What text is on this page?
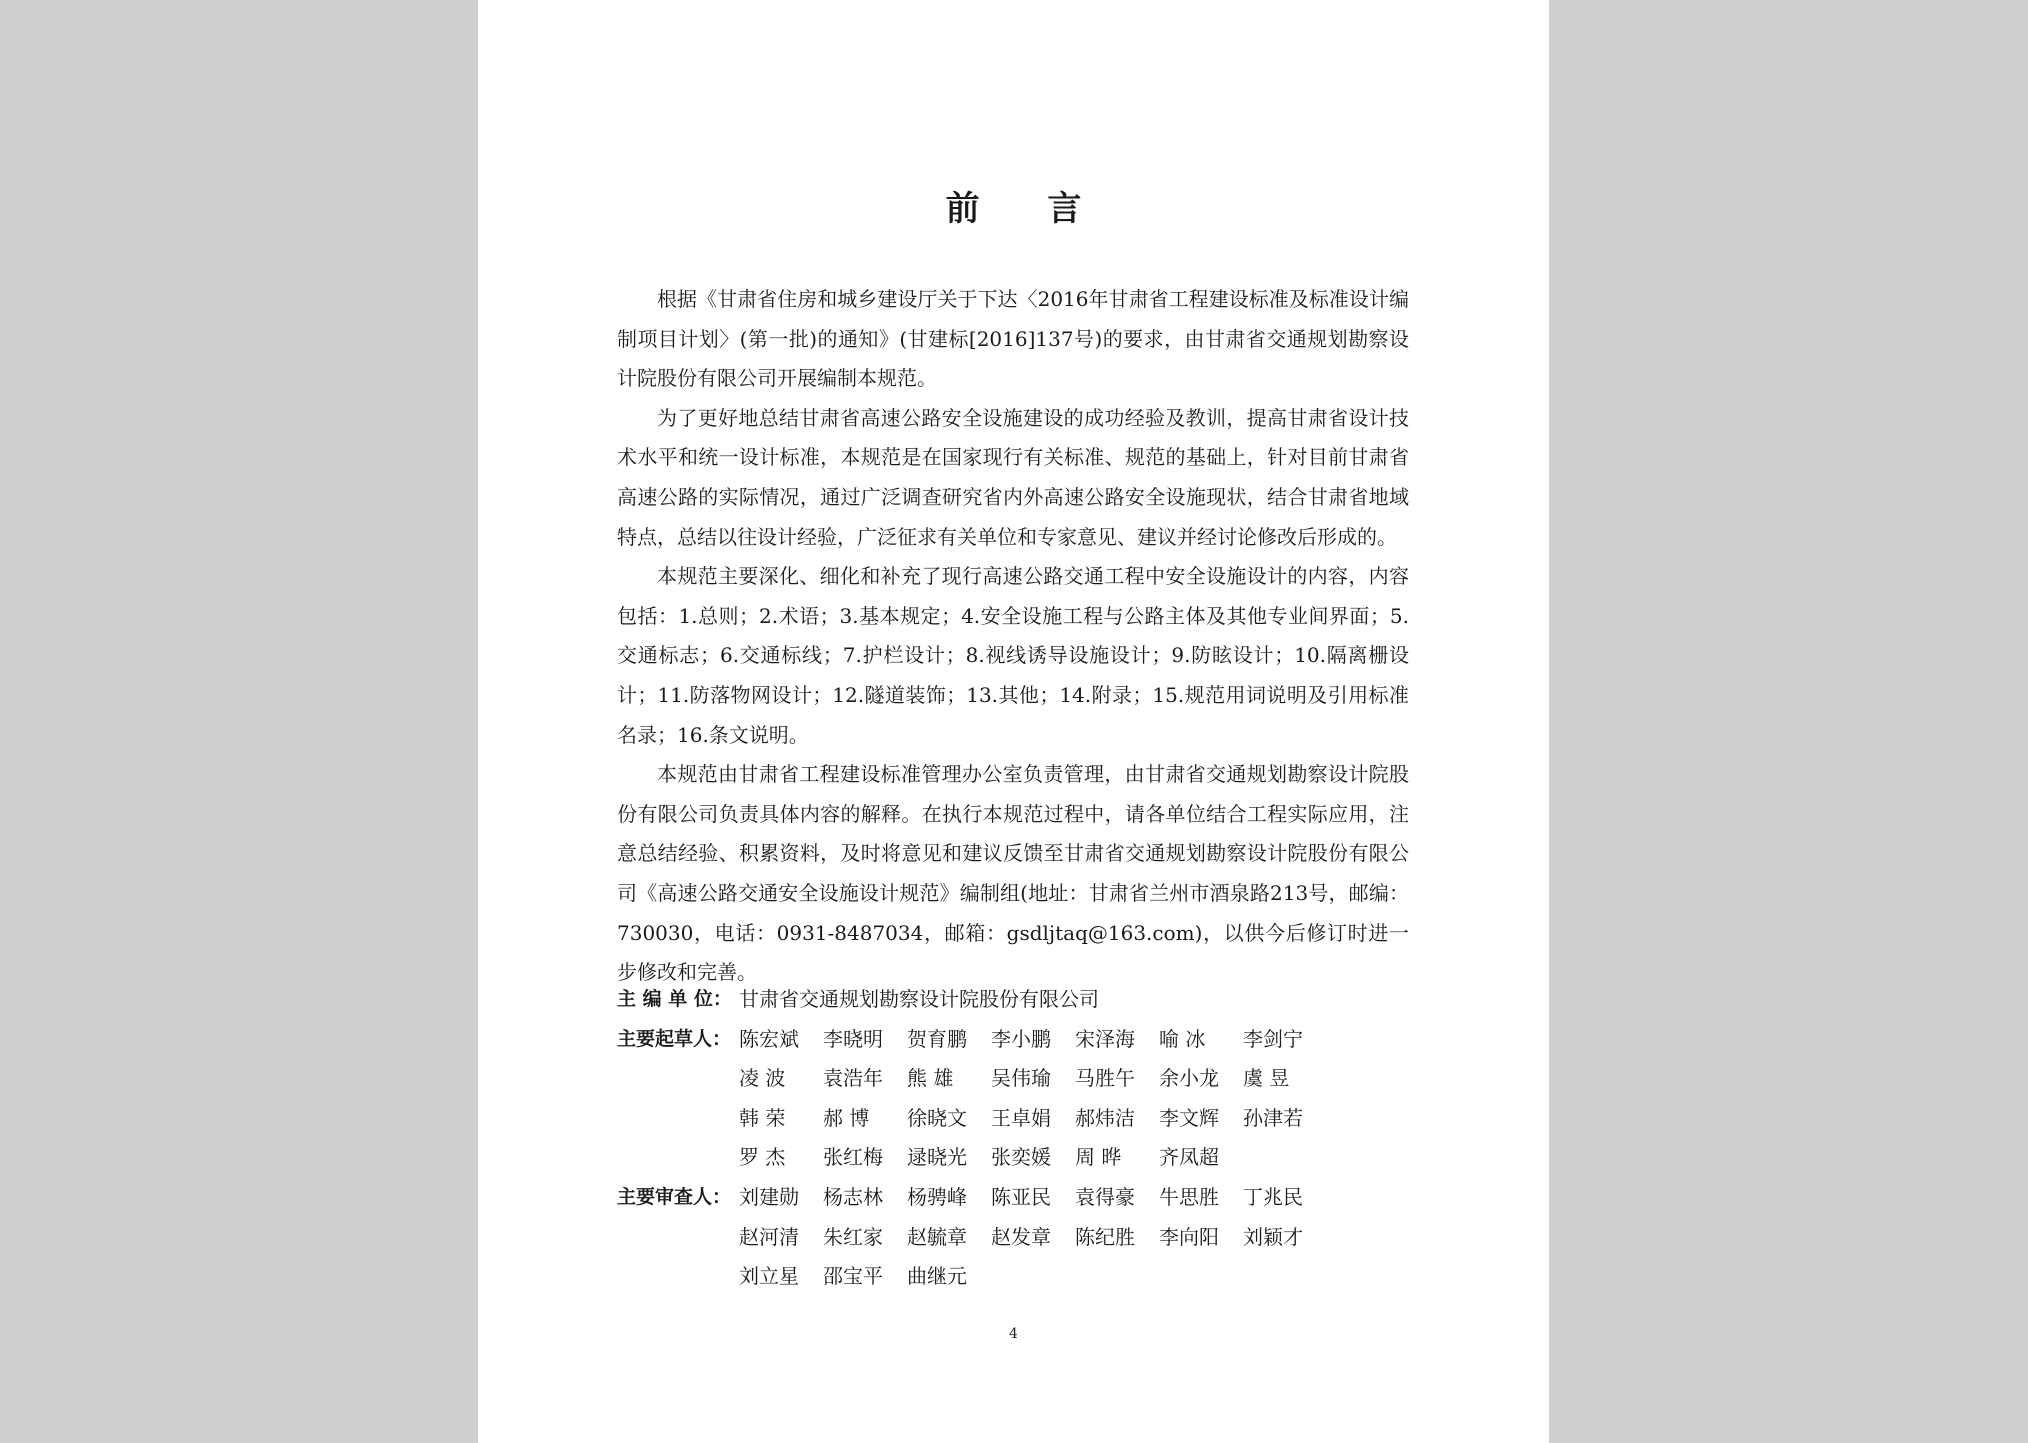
前 言

根据《甘肃省住房和城乡建设厅关于下达〈2016年甘肃省工程建设标准及标准设计编制项目计划〉(第一批)的通知》(甘建标[2016]137号)的要求，由甘肃省交通规划勘察设计院股份有限公司开展编制本规范。

为了更好地总结甘肃省高速公路安全设施建设的成功经验及教训，提高甘肃省设计技术水平和统一设计标准，本规范是在国家现行有关标准、规范的基础上，针对目前甘肃省高速公路的实际情况，通过广泛调查研究省内外高速公路安全设施现状，结合甘肃省地域特点，总结以往设计经验，广泛征求有关单位和专家意见、建议并经讨论修改后形成的。

本规范主要深化、细化和补充了现行高速公路交通工程中安全设施设计的内容，内容包括：1.总则；2.术语；3.基本规定；4.安全设施工程与公路主体及其他专业间界面；5.交通标志；6.交通标线；7.护栏设计；8.视线诱导设施设计；9.防眩设计；10.隔离栅设计；11.防落物网设计；12.隧道装饰；13.其他；14.附录；15.规范用词说明及引用标准名录；16.条文说明。

本规范由甘肃省工程建设标准管理办公室负责管理，由甘肃省交通规划勘察设计院股份有限公司负责具体内容的解释。在执行本规范过程中，请各单位结合工程实际应用，注意总结经验、积累资料，及时将意见和建议反馈至甘肃省交通规划勘察设计院股份有限公司《高速公路交通安全设施设计规范》编制组(地址：甘肃省兰州市酒泉路213号，邮编：730030，电话：0931-8487034，邮箱：gsdljtaq@163.com)，以供今后修订时进一步修改和完善。

主 编 单 位： 甘肃省交通规划勘察设计院股份有限公司
主要起草人： 陈宏斌	李晓明	贺育鹏	李小鹏	宋泽海	喻 冰	李剑宁
凌 波	袁浩年	熊 雄	吴伟瑜	马胜午	余小龙	虞 昱
韩 荣	郝 博	徐晓文	王卓娟	郝炜洁	李文辉	孙津若
罗 杰	张红梅	逯晓光	张奕媛	周 晔	齐凤超
主要审查人： 刘建勋	杨志林	杨骋峰	陈亚民	袁得豪	牛思胜	丁兆民
赵河清	朱红家	赵毓章	赵发章	陈纪胜	李向阳	刘颖才
刘立星	邵宝平	曲继元
4
